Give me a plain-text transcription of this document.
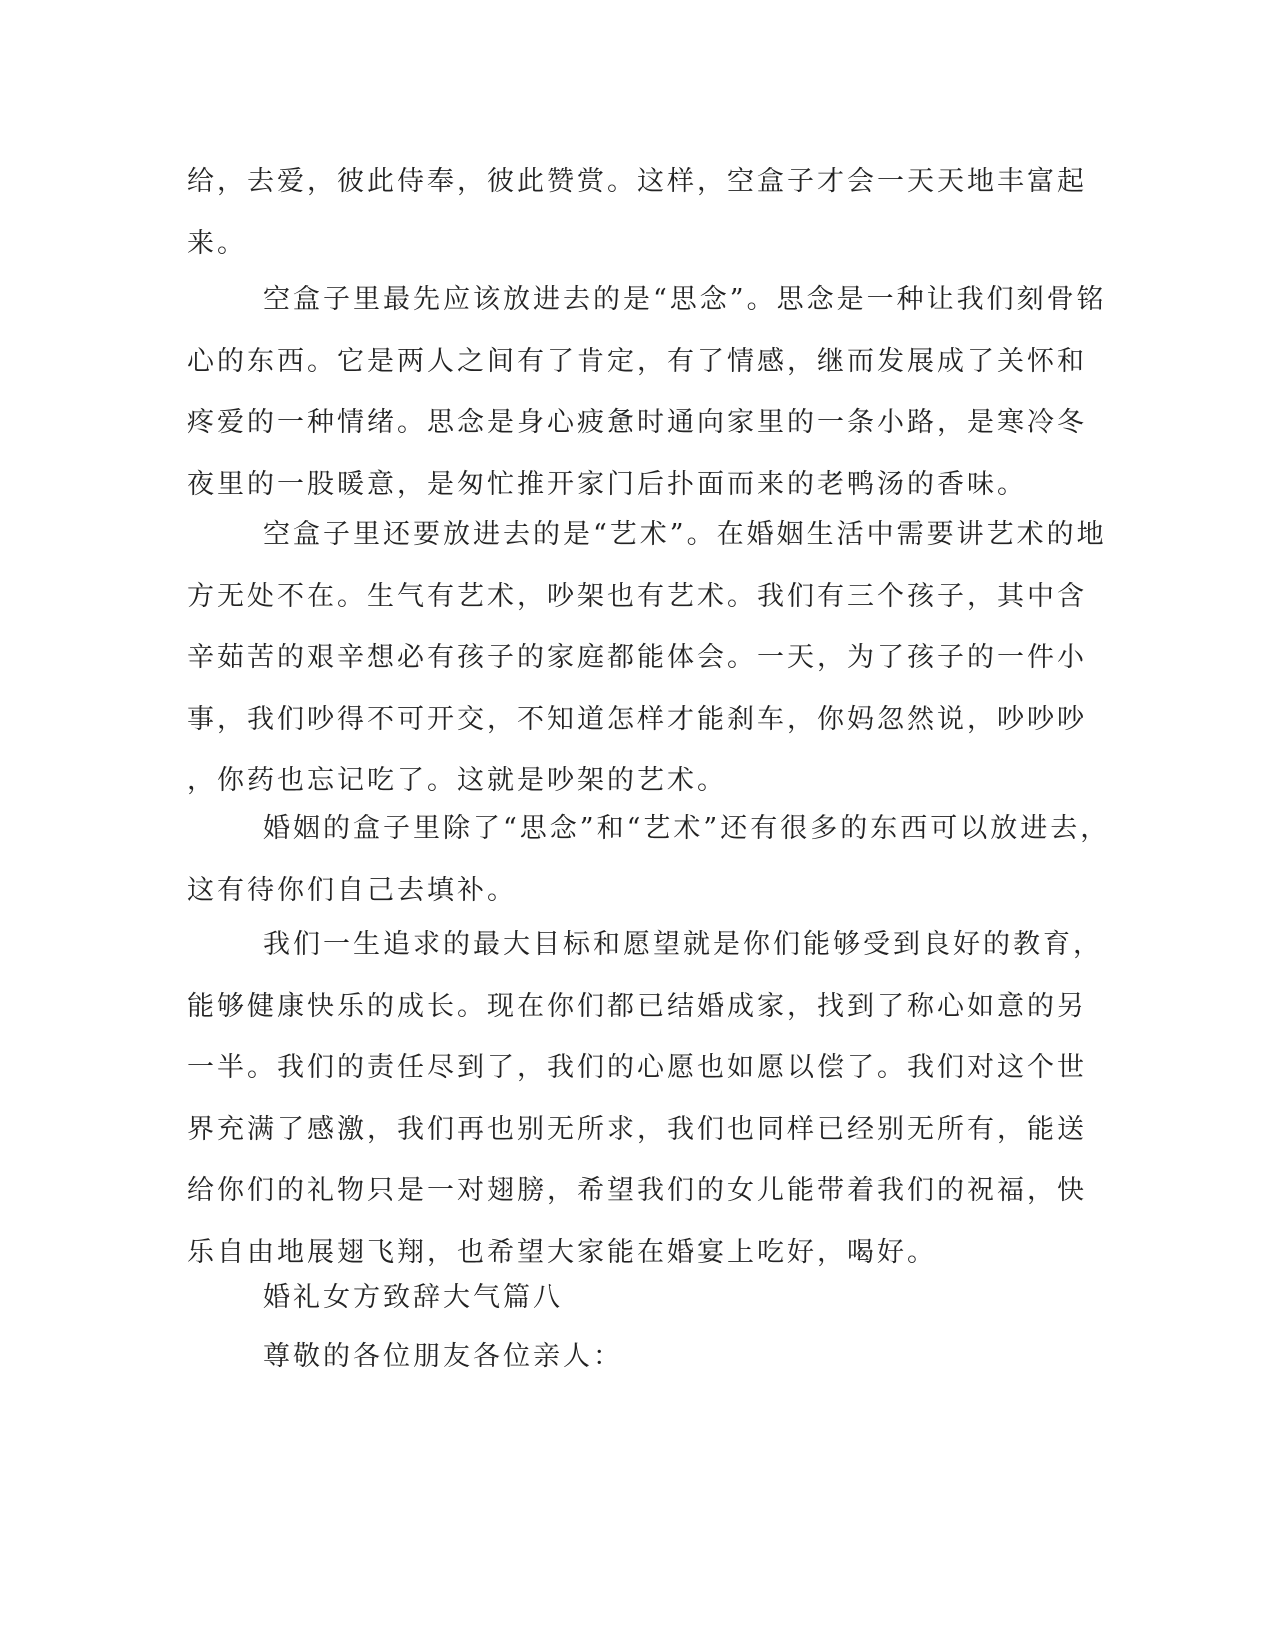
给，去爱，彼此侍奉，彼此赞赏。这样，空盒子才会一天天地丰富起
来。
空盒子里最先应该放进去的是“思念”。思念是一种让我们刻骨铭
心的东西。它是两人之间有了肯定，有了情感，继而发展成了关怀和
疼爱的一种情绪。思念是身心疲惫时通向家里的一条小路，是寒冷冬
夜里的一股暖意，是匆忙推开家门后扑面而来的老鸭汤的香味。
空盒子里还要放进去的是“艺术”。在婚姻生活中需要讲艺术的地
方无处不在。生气有艺术，吵架也有艺术。我们有三个孩子，其中含
辛茹苦的艰辛想必有孩子的家庭都能体会。一天，为了孩子的一件小
事，我们吵得不可开交，不知道怎样才能刹车，你妈忽然说，吵吵吵
，你药也忘记吃了。这就是吵架的艺术。
婚姻的盒子里除了“思念”和“艺术”还有很多的东西可以放进去，
这有待你们自己去填补。
我们一生追求的最大目标和愿望就是你们能够受到良好的教育，
能够健康快乐的成长。现在你们都已结婚成家，找到了称心如意的另
一半。我们的责任尽到了，我们的心愿也如愿以偿了。我们对这个世
界充满了感激，我们再也别无所求，我们也同样已经别无所有，能送
给你们的礼物只是一对翅膀，希望我们的女儿能带着我们的祝福，快
乐自由地展翅飞翔，也希望大家能在婚宴上吃好，喝好。
婚礼女方致辞大气篇八
尊敬的各位朋友各位亲人：
